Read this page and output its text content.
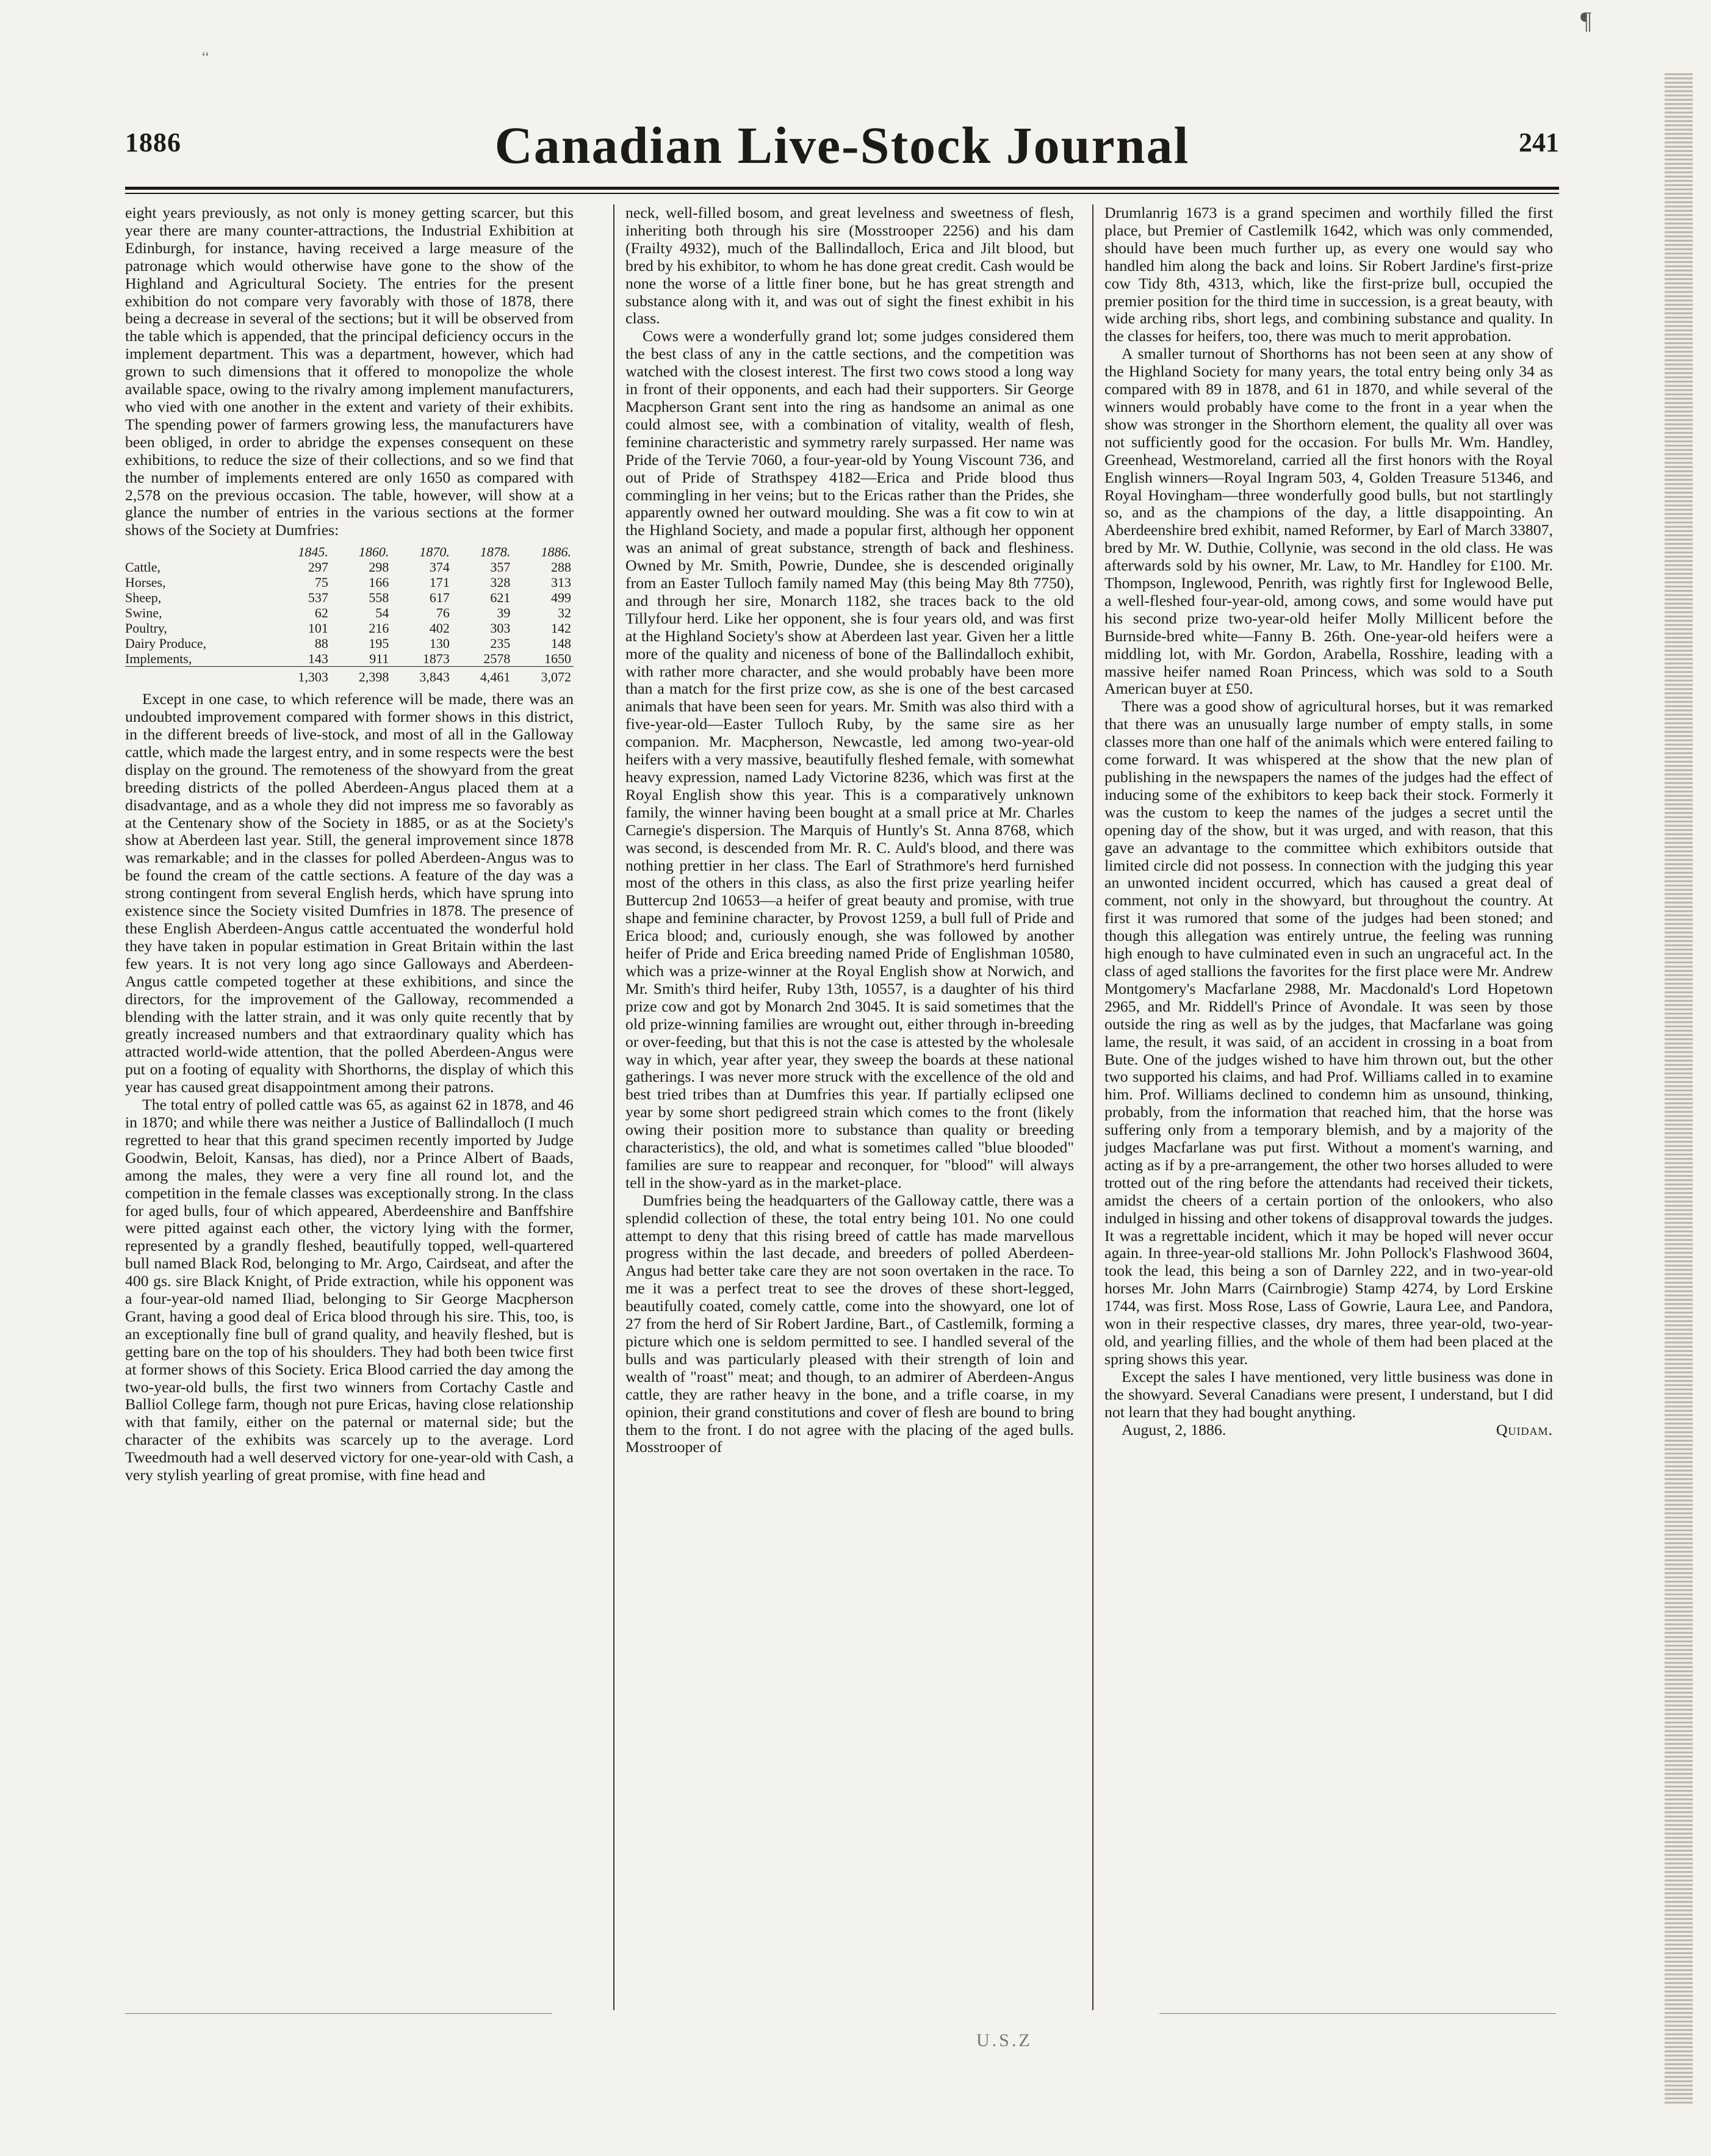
‘‘
¶
1886	Canadian Live-Stock Journal	241

eight years previously, as not only is money getting scarcer, but this year there are many counter-attractions, the Industrial Exhibition at Edinburgh, for instance, having received a large measure of the patronage which would otherwise have gone to the show of the Highland and Agricultural Society. The entries for the present exhibition do not compare very favorably with those of 1878, there being a decrease in several of the sections; but it will be observed from the table which is appended, that the principal deficiency occurs in the implement department. This was a department, however, which had grown to such dimensions that it offered to monopolize the whole available space, owing to the rivalry among implement manufacturers, who vied with one another in the extent and variety of their exhibits. The spending power of farmers growing less, the manufacturers have been obliged, in order to abridge the expenses consequent on these exhibitions, to reduce the size of their collections, and so we find that the number of implements entered are only 1650 as compared with 2,578 on the previous occasion. The table, however, will show at a glance the number of entries in the various sections at the former shows of the Society at Dumfries:

	1845.	1860.	1870.	1878.	1886.
Cattle,	297	298	374	357	288
Horses,	75	166	171	328	313
Sheep,	537	558	617	621	499
Swine,	62	54	76	39	32
Poultry,	101	216	402	303	142
Dairy Produce,	88	195	130	235	148
Implements,	143	911	1873	2578	1650
	1,303	2,398	3,843	4,461	3,072

Except in one case, to which reference will be made, there was an undoubted improvement compared with former shows in this district, in the different breeds of live-stock, and most of all in the Galloway cattle, which made the largest entry, and in some respects were the best display on the ground. The remoteness of the showyard from the great breeding districts of the polled Aberdeen-Angus placed them at a disadvantage, and as a whole they did not impress me so favorably as at the Centenary show of the Society in 1885, or as at the Society's show at Aberdeen last year. Still, the general improvement since 1878 was remarkable; and in the classes for polled Aberdeen-Angus was to be found the cream of the cattle sections. A feature of the day was a strong contingent from several English herds, which have sprung into existence since the Society visited Dumfries in 1878. The presence of these English Aberdeen-Angus cattle accentuated the wonderful hold they have taken in popular estimation in Great Britain within the last few years. It is not very long ago since Galloways and Aberdeen-Angus cattle competed together at these exhibitions, and since the directors, for the improvement of the Galloway, recommended a blending with the latter strain, and it was only quite recently that by greatly increased numbers and that extraordinary quality which has attracted world-wide attention, that the polled Aberdeen-Angus were put on a footing of equality with Shorthorns, the display of which this year has caused great disappointment among their patrons.

The total entry of polled cattle was 65, as against 62 in 1878, and 46 in 1870; and while there was neither a Justice of Ballindalloch (I much regretted to hear that this grand specimen recently imported by Judge Goodwin, Beloit, Kansas, has died), nor a Prince Albert of Baads, among the males, they were a very fine all round lot, and the competition in the female classes was exceptionally strong. In the class for aged bulls, four of which appeared, Aberdeenshire and Banffshire were pitted against each other, the victory lying with the former, represented by a grandly fleshed, beautifully topped, well-quartered bull named Black Rod, belonging to Mr. Argo, Cairdseat, and after the 400 gs. sire Black Knight, of Pride extraction, while his opponent was a four-year-old named Iliad, belonging to Sir George Macpherson Grant, having a good deal of Erica blood through his sire. This, too, is an exceptionally fine bull of grand quality, and heavily fleshed, but is getting bare on the top of his shoulders. They had both been twice first at former shows of this Society. Erica Blood carried the day among the two-year-old bulls, the first two winners from Cortachy Castle and Balliol College farm, though not pure Ericas, having close relationship with that family, either on the paternal or maternal side; but the character of the exhibits was scarcely up to the average. Lord Tweedmouth had a well deserved victory for one-year-old with Cash, a very stylish yearling of great promise, with fine head and

neck, well-filled bosom, and great levelness and sweetness of flesh, inheriting both through his sire (Mosstrooper 2256) and his dam (Frailty 4932), much of the Ballindalloch, Erica and Jilt blood, but bred by his exhibitor, to whom he has done great credit. Cash would be none the worse of a little finer bone, but he has great strength and substance along with it, and was out of sight the finest exhibit in his class.

Cows were a wonderfully grand lot; some judges considered them the best class of any in the cattle sections, and the competition was watched with the closest interest. The first two cows stood a long way in front of their opponents, and each had their supporters. Sir George Macpherson Grant sent into the ring as handsome an animal as one could almost see, with a combination of vitality, wealth of flesh, feminine characteristic and symmetry rarely surpassed. Her name was Pride of the Tervie 7060, a four-year-old by Young Viscount 736, and out of Pride of Strathspey 4182—Erica and Pride blood thus commingling in her veins; but to the Ericas rather than the Prides, she apparently owned her outward moulding. She was a fit cow to win at the Highland Society, and made a popular first, although her opponent was an animal of great substance, strength of back and fleshiness. Owned by Mr. Smith, Powrie, Dundee, she is descended originally from an Easter Tulloch family named May (this being May 8th 7750), and through her sire, Monarch 1182, she traces back to the old Tillyfour herd. Like her opponent, she is four years old, and was first at the Highland Society's show at Aberdeen last year. Given her a little more of the quality and niceness of bone of the Ballindalloch exhibit, with rather more character, and she would probably have been more than a match for the first prize cow, as she is one of the best carcased animals that have been seen for years. Mr. Smith was also third with a five-year-old—Easter Tulloch Ruby, by the same sire as her companion. Mr. Macpherson, Newcastle, led among two-year-old heifers with a very massive, beautifully fleshed female, with somewhat heavy expression, named Lady Victorine 8236, which was first at the Royal English show this year. This is a comparatively unknown family, the winner having been bought at a small price at Mr. Charles Carnegie's dispersion. The Marquis of Huntly's St. Anna 8768, which was second, is descended from Mr. R. C. Auld's blood, and there was nothing prettier in her class. The Earl of Strathmore's herd furnished most of the others in this class, as also the first prize yearling heifer Buttercup 2nd 10653—a heifer of great beauty and promise, with true shape and feminine character, by Provost 1259, a bull full of Pride and Erica blood; and, curiously enough, she was followed by another heifer of Pride and Erica breeding named Pride of Englishman 10580, which was a prize-winner at the Royal English show at Norwich, and Mr. Smith's third heifer, Ruby 13th, 10557, is a daughter of his third prize cow and got by Monarch 2nd 3045. It is said sometimes that the old prize-winning families are wrought out, either through in-breeding or over-feeding, but that this is not the case is attested by the wholesale way in which, year after year, they sweep the boards at these national gatherings. I was never more struck with the excellence of the old and best tried tribes than at Dumfries this year. If partially eclipsed one year by some short pedigreed strain which comes to the front (likely owing their position more to substance than quality or breeding characteristics), the old, and what is sometimes called "blue blooded" families are sure to reappear and reconquer, for "blood" will always tell in the show-yard as in the market-place.

Dumfries being the headquarters of the Galloway cattle, there was a splendid collection of these, the total entry being 101. No one could attempt to deny that this rising breed of cattle has made marvellous progress within the last decade, and breeders of polled Aberdeen-Angus had better take care they are not soon overtaken in the race. To me it was a perfect treat to see the droves of these short-legged, beautifully coated, comely cattle, come into the showyard, one lot of 27 from the herd of Sir Robert Jardine, Bart., of Castlemilk, forming a picture which one is seldom permitted to see. I handled several of the bulls and was particularly pleased with their strength of loin and wealth of "roast" meat; and though, to an admirer of Aberdeen-Angus cattle, they are rather heavy in the bone, and a trifle coarse, in my opinion, their grand constitutions and cover of flesh are bound to bring them to the front. I do not agree with the placing of the aged bulls. Mosstrooper of

Drumlanrig 1673 is a grand specimen and worthily filled the first place, but Premier of Castlemilk 1642, which was only commended, should have been much further up, as every one would say who handled him along the back and loins. Sir Robert Jardine's first-prize cow Tidy 8th, 4313, which, like the first-prize bull, occupied the premier position for the third time in succession, is a great beauty, with wide arching ribs, short legs, and combining substance and quality. In the classes for heifers, too, there was much to merit approbation.

A smaller turnout of Shorthorns has not been seen at any show of the Highland Society for many years, the total entry being only 34 as compared with 89 in 1878, and 61 in 1870, and while several of the winners would probably have come to the front in a year when the show was stronger in the Shorthorn element, the quality all over was not sufficiently good for the occasion. For bulls Mr. Wm. Handley, Greenhead, Westmoreland, carried all the first honors with the Royal English winners—Royal Ingram 503, 4, Golden Treasure 51346, and Royal Hovingham—three wonderfully good bulls, but not startlingly so, and as the champions of the day, a little disappointing. An Aberdeenshire bred exhibit, named Reformer, by Earl of March 33807, bred by Mr. W. Duthie, Collynie, was second in the old class. He was afterwards sold by his owner, Mr. Law, to Mr. Handley for £100. Mr. Thompson, Inglewood, Penrith, was rightly first for Inglewood Belle, a well-fleshed four-year-old, among cows, and some would have put his second prize two-year-old heifer Molly Millicent before the Burnside-bred white—Fanny B. 26th. One-year-old heifers were a middling lot, with Mr. Gordon, Arabella, Rosshire, leading with a massive heifer named Roan Princess, which was sold to a South American buyer at £50.

There was a good show of agricultural horses, but it was remarked that there was an unusually large number of empty stalls, in some classes more than one half of the animals which were entered failing to come forward. It was whispered at the show that the new plan of publishing in the newspapers the names of the judges had the effect of inducing some of the exhibitors to keep back their stock. Formerly it was the custom to keep the names of the judges a secret until the opening day of the show, but it was urged, and with reason, that this gave an advantage to the committee which exhibitors outside that limited circle did not possess. In connection with the judging this year an unwonted incident occurred, which has caused a great deal of comment, not only in the showyard, but throughout the country. At first it was rumored that some of the judges had been stoned; and though this allegation was entirely untrue, the feeling was running high enough to have culminated even in such an ungraceful act. In the class of aged stallions the favorites for the first place were Mr. Andrew Montgomery's Macfarlane 2988, Mr. Macdonald's Lord Hopetown 2965, and Mr. Riddell's Prince of Avondale. It was seen by those outside the ring as well as by the judges, that Macfarlane was going lame, the result, it was said, of an accident in crossing in a boat from Bute. One of the judges wished to have him thrown out, but the other two supported his claims, and had Prof. Williams called in to examine him. Prof. Williams declined to condemn him as unsound, thinking, probably, from the information that reached him, that the horse was suffering only from a temporary blemish, and by a majority of the judges Macfarlane was put first. Without a moment's warning, and acting as if by a pre-arrangement, the other two horses alluded to were trotted out of the ring before the attendants had received their tickets, amidst the cheers of a certain portion of the onlookers, who also indulged in hissing and other tokens of disapproval towards the judges. It was a regrettable incident, which it may be hoped will never occur again. In three-year-old stallions Mr. John Pollock's Flashwood 3604, took the lead, this being a son of Darnley 222, and in two-year-old horses Mr. John Marrs (Cairnbrogie) Stamp 4274, by Lord Erskine 1744, was first. Moss Rose, Lass of Gowrie, Laura Lee, and Pandora, won in their respective classes, dry mares, three year-old, two-year-old, and yearling fillies, and the whole of them had been placed at the spring shows this year.

Except the sales I have mentioned, very little business was done in the showyard. Several Canadians were present, I understand, but I did not learn that they had bought anything.

August, 2, 1886.	Quidam.

U.S.Z
